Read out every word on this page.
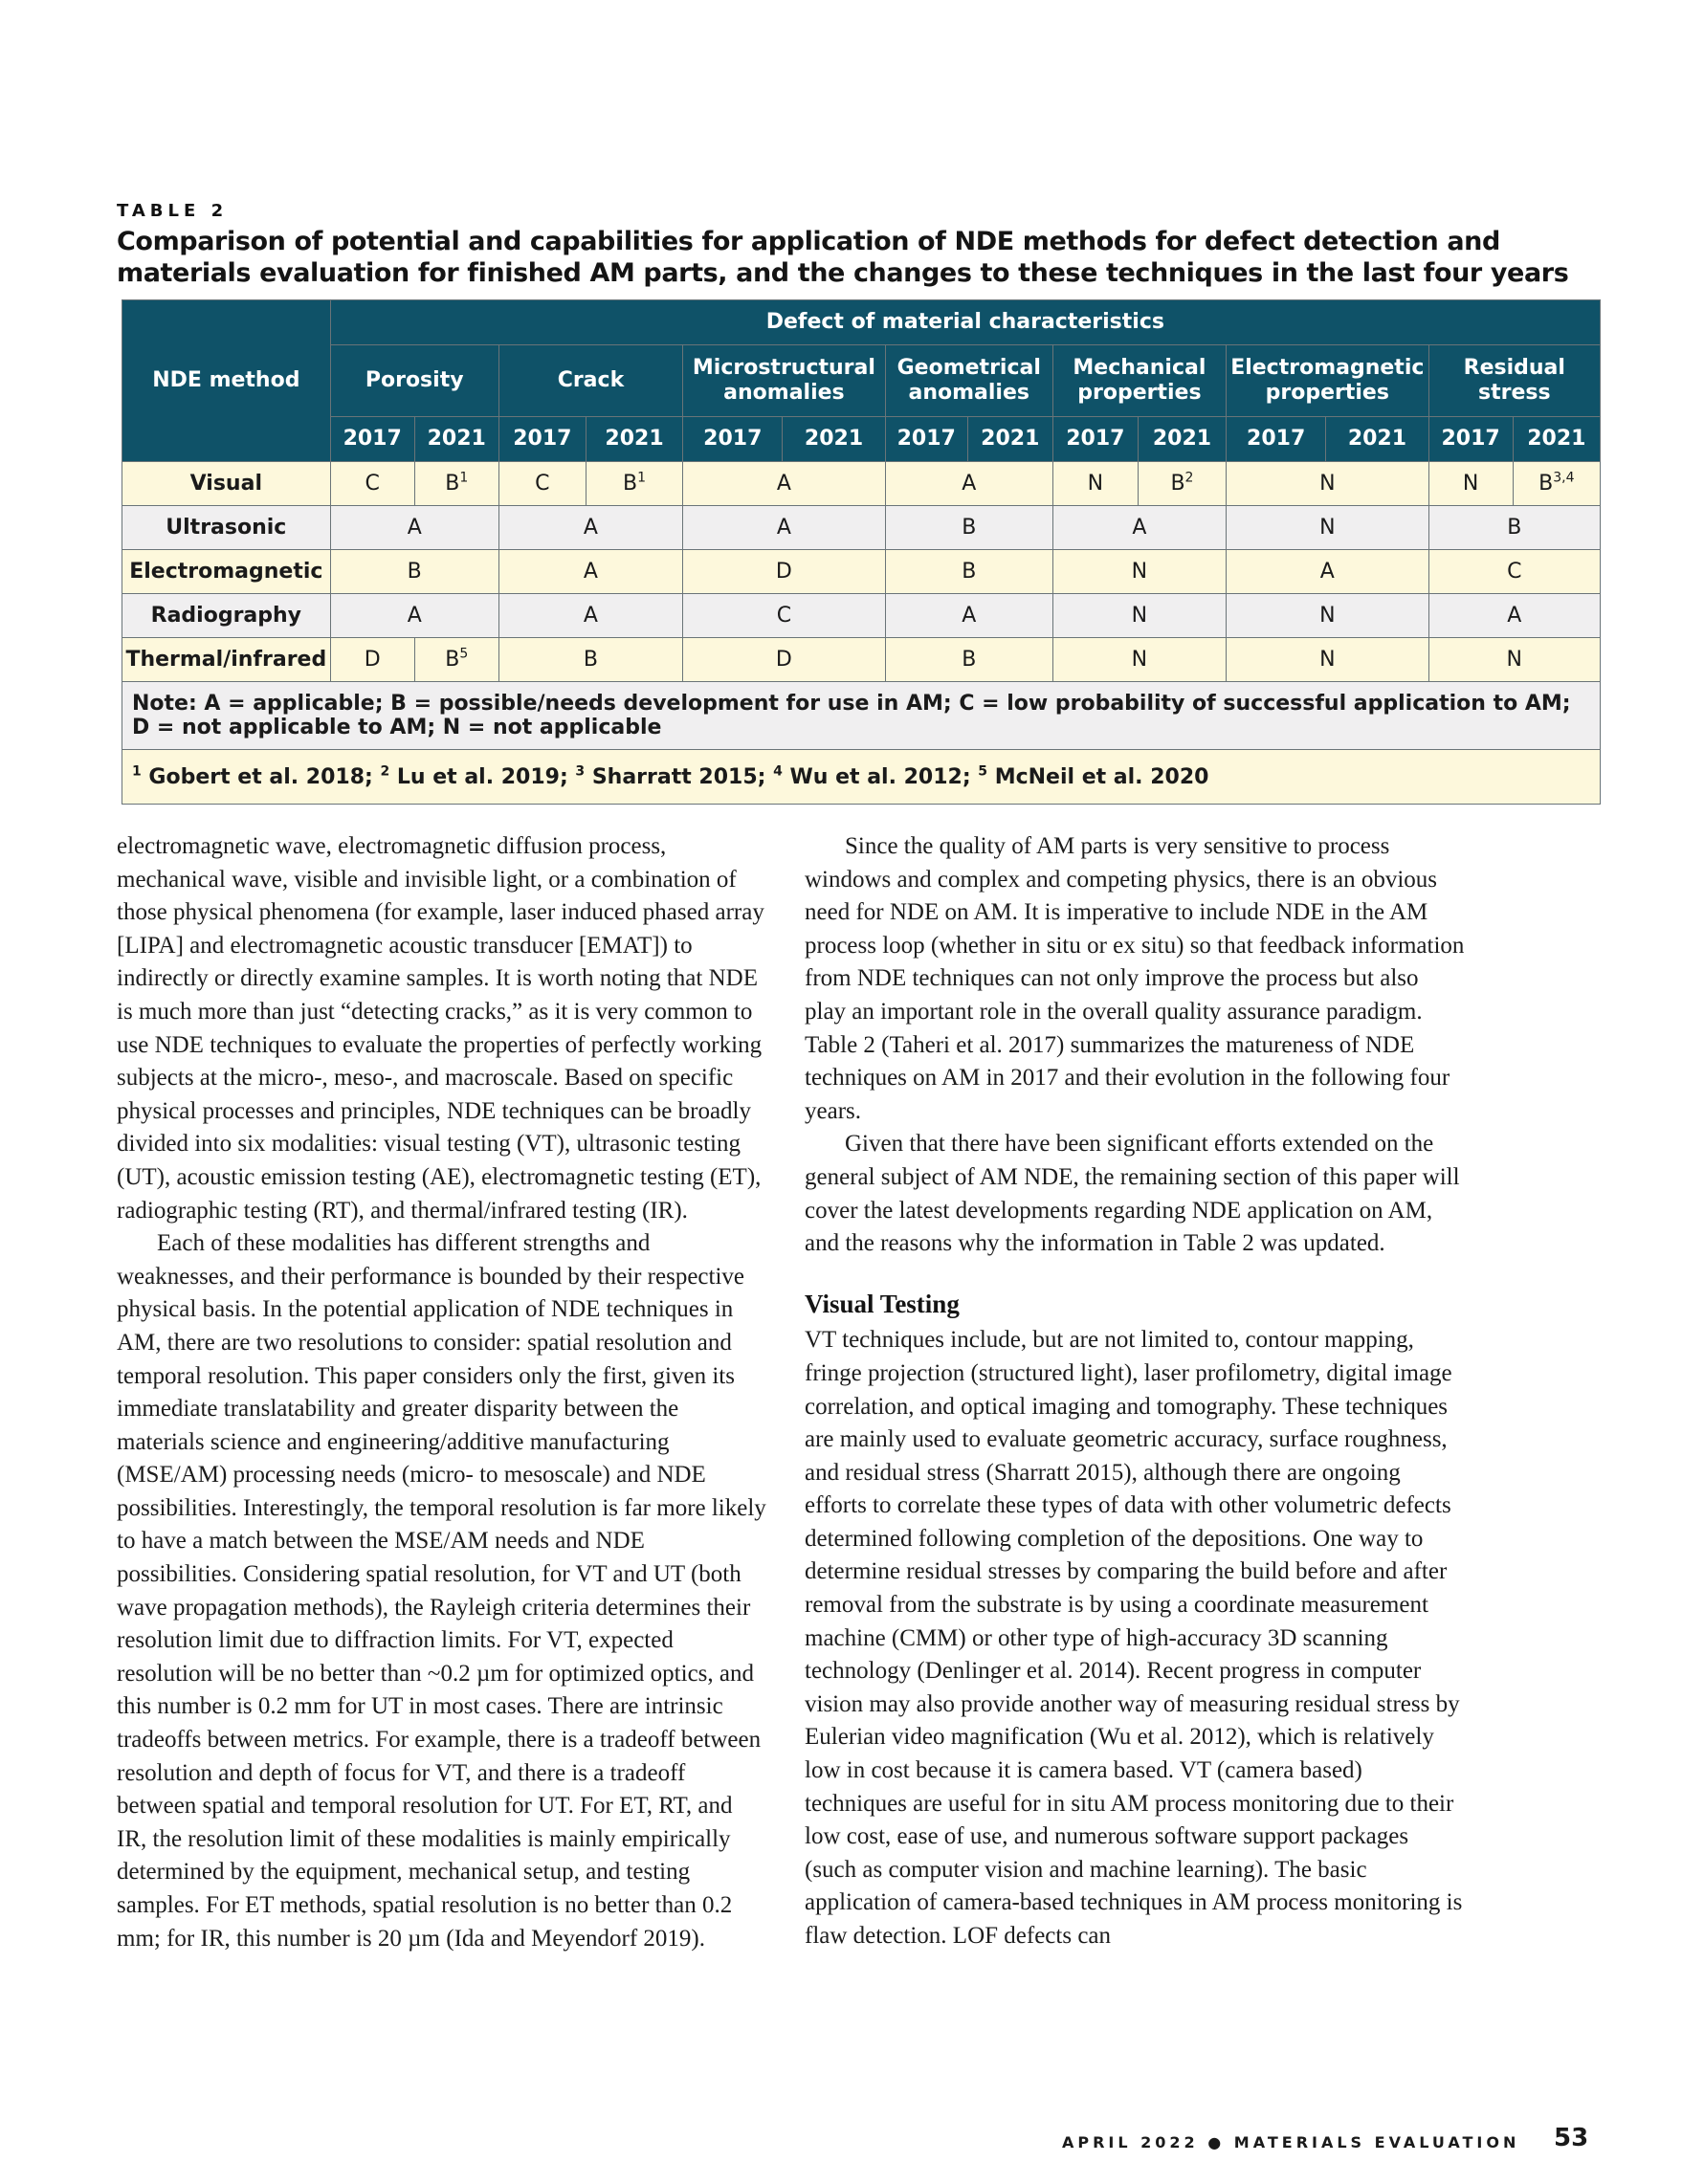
TABLE 2
Comparison of potential and capabilities for application of NDE methods for defect detection and materials evaluation for finished AM parts, and the changes to these techniques in the last four years
NDE method	Defect of material characteristics													
	Porosity		Crack		Microstructural anomalies		Geometrical anomalies		Mechanical properties		Electromagnetic properties		Residual stress	
	2017	2021	2017	2021	2017	2021	2017	2021	2017	2021	2017	2021	2017	2021
Visual	C	$B^1$	C	$B^1$	A		A		N	$B^2$	N		N	B$^{3,4}$
Ultrasonic	A		A		A		B		A		N		B	
Electromagnetic	B		A		D		B		N		A		C	
Radiography	A		A		C		A		N		N		A	
Thermal/infrared	D	$B^5$	B		D		B		N		N		N	
Note: A = applicable; B = possible/needs development for use in AM; C = low probability of successful application to AM; D = not applicable to AM; N = not applicable														
$^1$ Gobert et al. 2018; $^2$ Lu et al. 2019; $^3$ Sharratt 2015; $^4$ Wu et al. 2012; $^5$ McNeil et al. 2020														

electromagnetic wave, electromagnetic diffusion process, mechanical wave, visible and invisible light, or a combination of those physical phenomena (for example, laser induced phased array [LIPA] and electromagnetic acoustic transducer [EMAT]) to indirectly or directly examine samples. It is worth noting that NDE is much more than just “detecting cracks,” as it is very common to use NDE techniques to evaluate the properties of perfectly working subjects at the micro-, meso-, and macroscale. Based on specific physical processes and principles, NDE techniques can be broadly divided into six modalities: visual testing (VT), ultrasonic testing (UT), acoustic emission testing (AE), electromagnetic testing (ET), radiographic testing (RT), and thermal/infrared testing (IR).

Each of these modalities has different strengths and weaknesses, and their performance is bounded by their respective physical basis. In the potential application of NDE techniques in AM, there are two resolutions to consider: spatial resolution and temporal resolution. This paper considers only the first, given its immediate translatability and greater disparity between the materials science and engineering/additive manufacturing (MSE/AM) processing needs (micro- to mesoscale) and NDE possibilities. Interestingly, the temporal resolution is far more likely to have a match between the MSE/AM needs and NDE possibilities. Considering spatial resolution, for VT and UT (both wave propagation methods), the Rayleigh criteria determines their resolution limit due to diffraction limits. For VT, expected resolution will be no better than ~0.2 µm for optimized optics, and this number is 0.2 mm for UT in most cases. There are intrinsic tradeoffs between metrics. For example, there is a tradeoff between resolution and depth of focus for VT, and there is a tradeoff between spatial and temporal resolution for UT. For ET, RT, and IR, the resolution limit of these modalities is mainly empirically determined by the equipment, mechanical setup, and testing samples. For ET methods, spatial resolution is no better than 0.2 mm; for IR, this number is 20 µm (Ida and Meyendorf 2019).

Since the quality of AM parts is very sensitive to process windows and complex and competing physics, there is an obvious need for NDE on AM. It is imperative to include NDE in the AM process loop (whether in situ or ex situ) so that feedback information from NDE techniques can not only improve the process but also play an important role in the overall quality assurance paradigm. Table 2 (Taheri et al. 2017) summarizes the matureness of NDE techniques on AM in 2017 and their evolution in the following four years.

Given that there have been significant efforts extended on the general subject of AM NDE, the remaining section of this paper will cover the latest developments regarding NDE application on AM, and the reasons why the information in Table 2 was updated.

Visual Testing

VT techniques include, but are not limited to, contour mapping, fringe projection (structured light), laser profilometry, digital image correlation, and optical imaging and tomography. These techniques are mainly used to evaluate geometric accuracy, surface roughness, and residual stress (Sharratt 2015), although there are ongoing efforts to correlate these types of data with other volumetric defects determined following completion of the depositions. One way to determine residual stresses by comparing the build before and after removal from the substrate is by using a coordinate measurement machine (CMM) or other type of high-accuracy 3D scanning technology (Denlinger et al. 2014). Recent progress in computer vision may also provide another way of measuring residual stress by Eulerian video magnification (Wu et al. 2012), which is relatively low in cost because it is camera based. VT (camera based) techniques are useful for in situ AM process monitoring due to their low cost, ease of use, and numerous software support packages (such as computer vision and machine learning). The basic application of camera-based techniques in AM process monitoring is flaw detection. LOF defects can

APRIL 2022 ● MATERIALS EVALUATION 53
